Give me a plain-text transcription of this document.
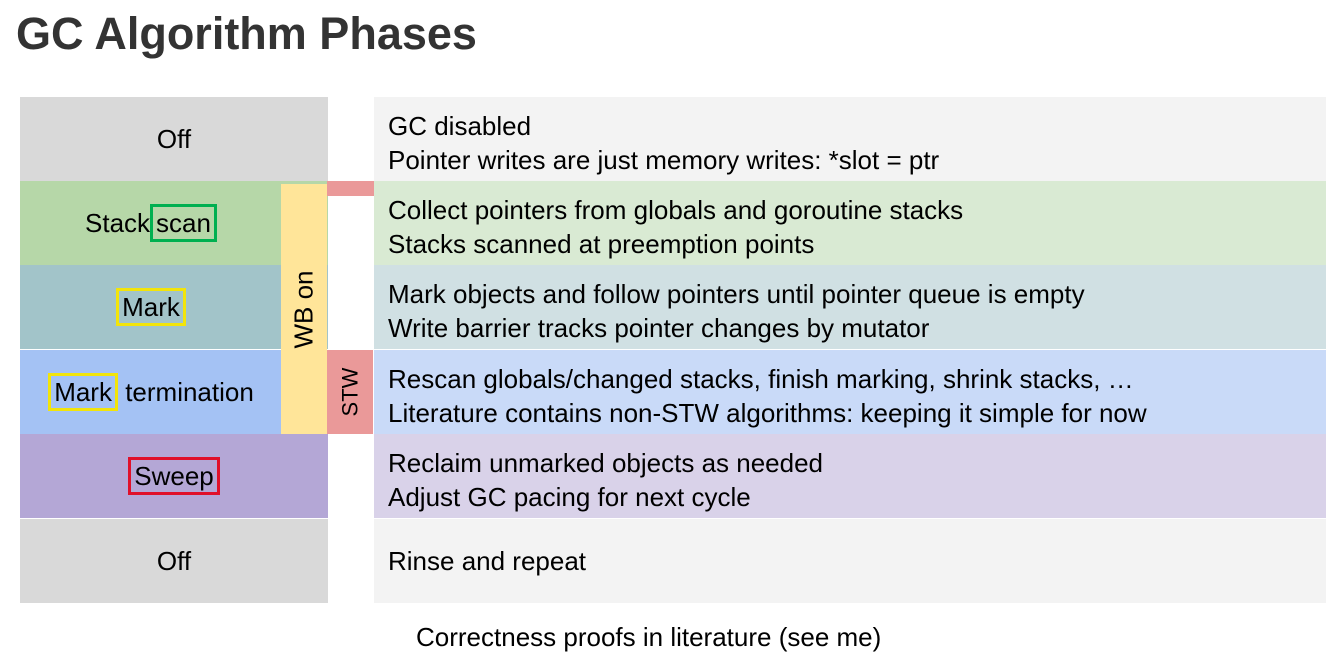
GC Algorithm Phases
Off	GC disabled
Pointer writes are just memory writes: *slot = ptr
Stack scan	Collect pointers from globals and goroutine stacks
Stacks scanned at preemption points
Mark	Mark objects and follow pointers until pointer queue is empty
Write barrier tracks pointer changes by mutator
Mark termination	Rescan globals/changed stacks, finish marking, shrink stacks, …
Literature contains non-STW algorithms: keeping it simple for now
Sweep	Reclaim unmarked objects as needed
Adjust GC pacing for next cycle
Off	Rinse and repeat
WB on
STW
Correctness proofs in literature (see me)
